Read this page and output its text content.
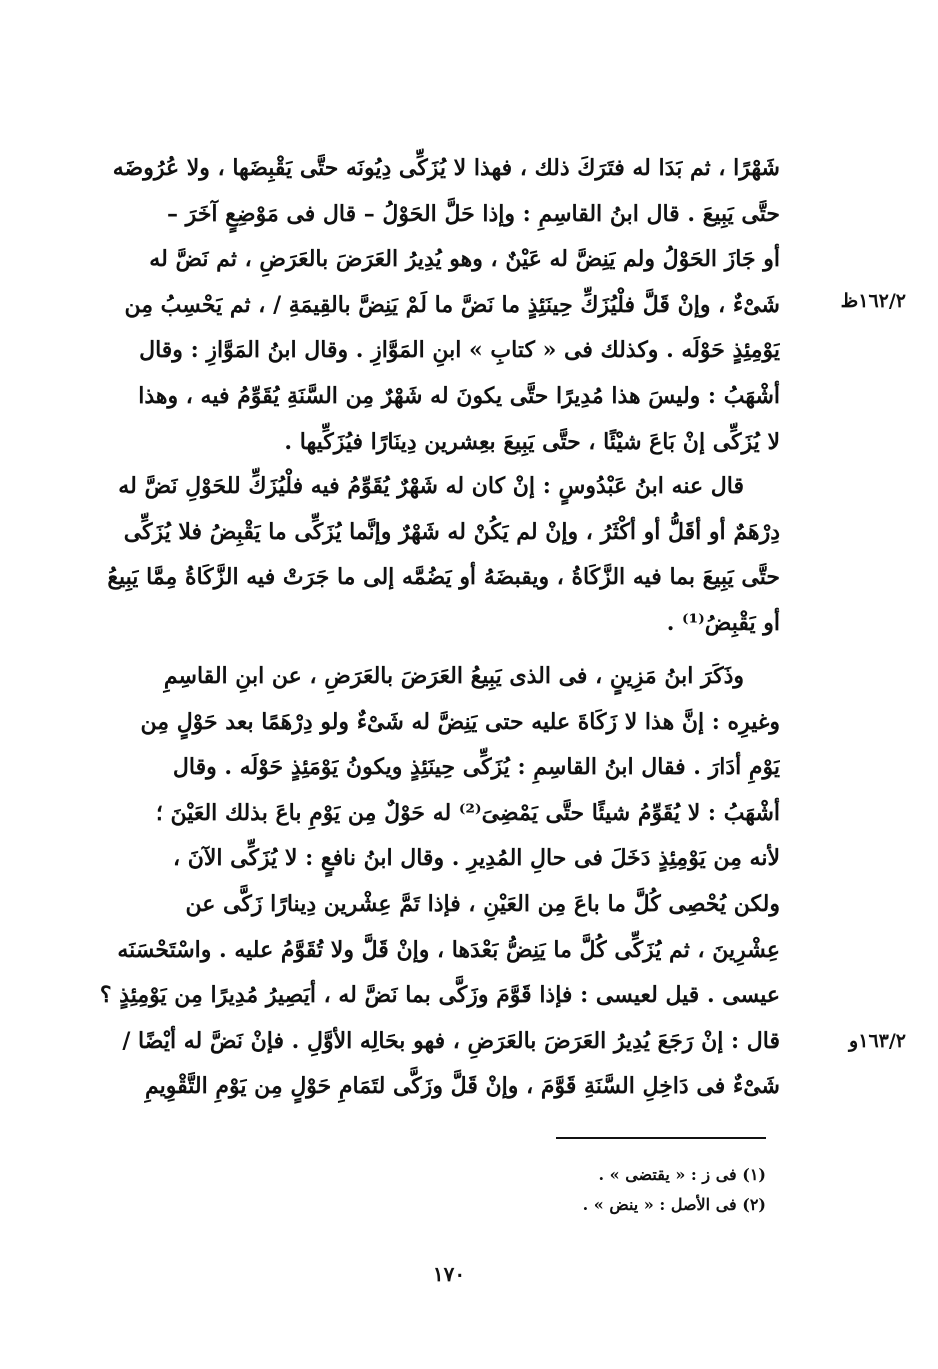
شَهْرًا ، ثم بَدَا له فتَرَكَ ذلك ، فهذا لا يُزَكِّى دِيُونَه حتَّى يَقْبِضَها ، ولا عُرُوضَه
حتَّى يَبِيعَ . قال ابنُ القاسِمِ : وإذا حَلَّ الحَوْلُ – قال فى مَوْضِعٍ آخَرَ –
أو جَازَ الحَوْلُ ولم يَنِضَّ له عَيْنٌ ، وهو يُدِيرُ العَرَضَ بالعَرَضِ ، ثم نَضَّ له
شَىْءٌ ، وإنْ قَلَّ فلْيُزَكِّ حِينَئِذٍ ما نَضَّ ما لَمْ يَنِضَّ بالقِيمَةِ / ، ثم يَحْسِبُ مِن
يَوْمِئِذٍ حَوْلَه . وكذلك فى « كتابِ » ابنِ المَوَّازِ . وقال ابنُ المَوَّازِ : وقال
أشْهَبُ : وليسَ هذا مُدِيرًا حتَّى يكونَ له شَهْرٌ مِن السَّنَةِ يُقَوِّمُ فيه ، وهذا
لا يُزَكِّى إنْ بَاعَ شيْئًا ، حتَّى يَبِيعَ بعِشرين دِينَارًا فيُزَكِّيها .
قال عنه ابنُ عَبْدُوسٍ : إنْ كان له شَهْرٌ يُقَوِّمُ فيه فلْيُزَكِّ للحَوْلِ نَضَّ له
دِرْهَمٌ أو أقَلُّ أو أكْثَرُ ، وإنْ لم يَكُنْ له شَهْرٌ وإنَّما يُزَكِّى ما يَقْبِضُ فلا يُزَكِّى
حتَّى يَبِيعَ بما فيه الزَّكَاةُ ، ويقبضَهُ أو يَضُمَّه إلى ما جَرَتْ فيه الزَّكَاةُ مِمَّا يَبِيعُ
أو يَقْبِضُ⁽¹⁾ .
وذَكَرَ ابنُ مَزِينٍ ، فى الذى يَبِيعُ العَرَضَ بالعَرَضِ ، عن ابنِ القاسِمِ
وغيرِه : إنَّ هذا لا زَكَاةَ عليه حتى يَنِضَّ له شَىْءٌ ولو دِرْهَمًا بعد حَوْلٍ مِن
يَوْمِ أدَارَ . فقال ابنُ القاسِمِ : يُزَكِّى حِينَئِذٍ ويكونُ يَوْمَئِذٍ حَوْلَه . وقال
أشْهَبُ : لا يُقَوِّمُ شيئًا حتَّى يَمْضِىَ⁽²⁾ له حَوْلٌ مِن يَوْمِ باعَ بذلك العَيْنَ ؛
لأنه مِن يَوْمِئِذٍ دَخَلَ فى حالِ المُدِيرِ . وقال ابنُ نافعٍ : لا يُزَكِّى الآنَ ،
ولكن يُحْصِى كُلَّ ما باعَ مِن العَيْنِ ، فإذا تَمَّ عِشْرين دِينارًا زَكَّى عن
عِشْرِينَ ، ثم يُزَكِّى كُلَّ ما يَنِضُّ بَعْدَها ، وإنْ قَلَّ ولا تُقَوَّمُ عليه . واسْتَحْسَنَه
عيسى . قيل لعيسى : فإذا قَوَّمَ وزَكَّى بما نَضَّ له ، أيَصِيرُ مُدِيرًا مِن يَوْمِئِذٍ ؟
قال : إنْ رَجَعَ يُدِيرُ العَرَضَ بالعَرَضِ ، فهو بحَالِه الأوَّلِ . فإنْ نَضَّ له أيْضًا /
شَىْءٌ فى دَاخِلِ السَّنَةِ قَوَّمَ ، وإنْ قَلَّ وزَكَّى لتَمَامِ حَوْلٍ مِن يَوْمِ التَّقْوِيمِ
١٦٢/٢ظ
١٦٣/٢و
(١) فى ز : « يقتضى » .
(٢) فى الأصل : « ينض » .
١٧٠
